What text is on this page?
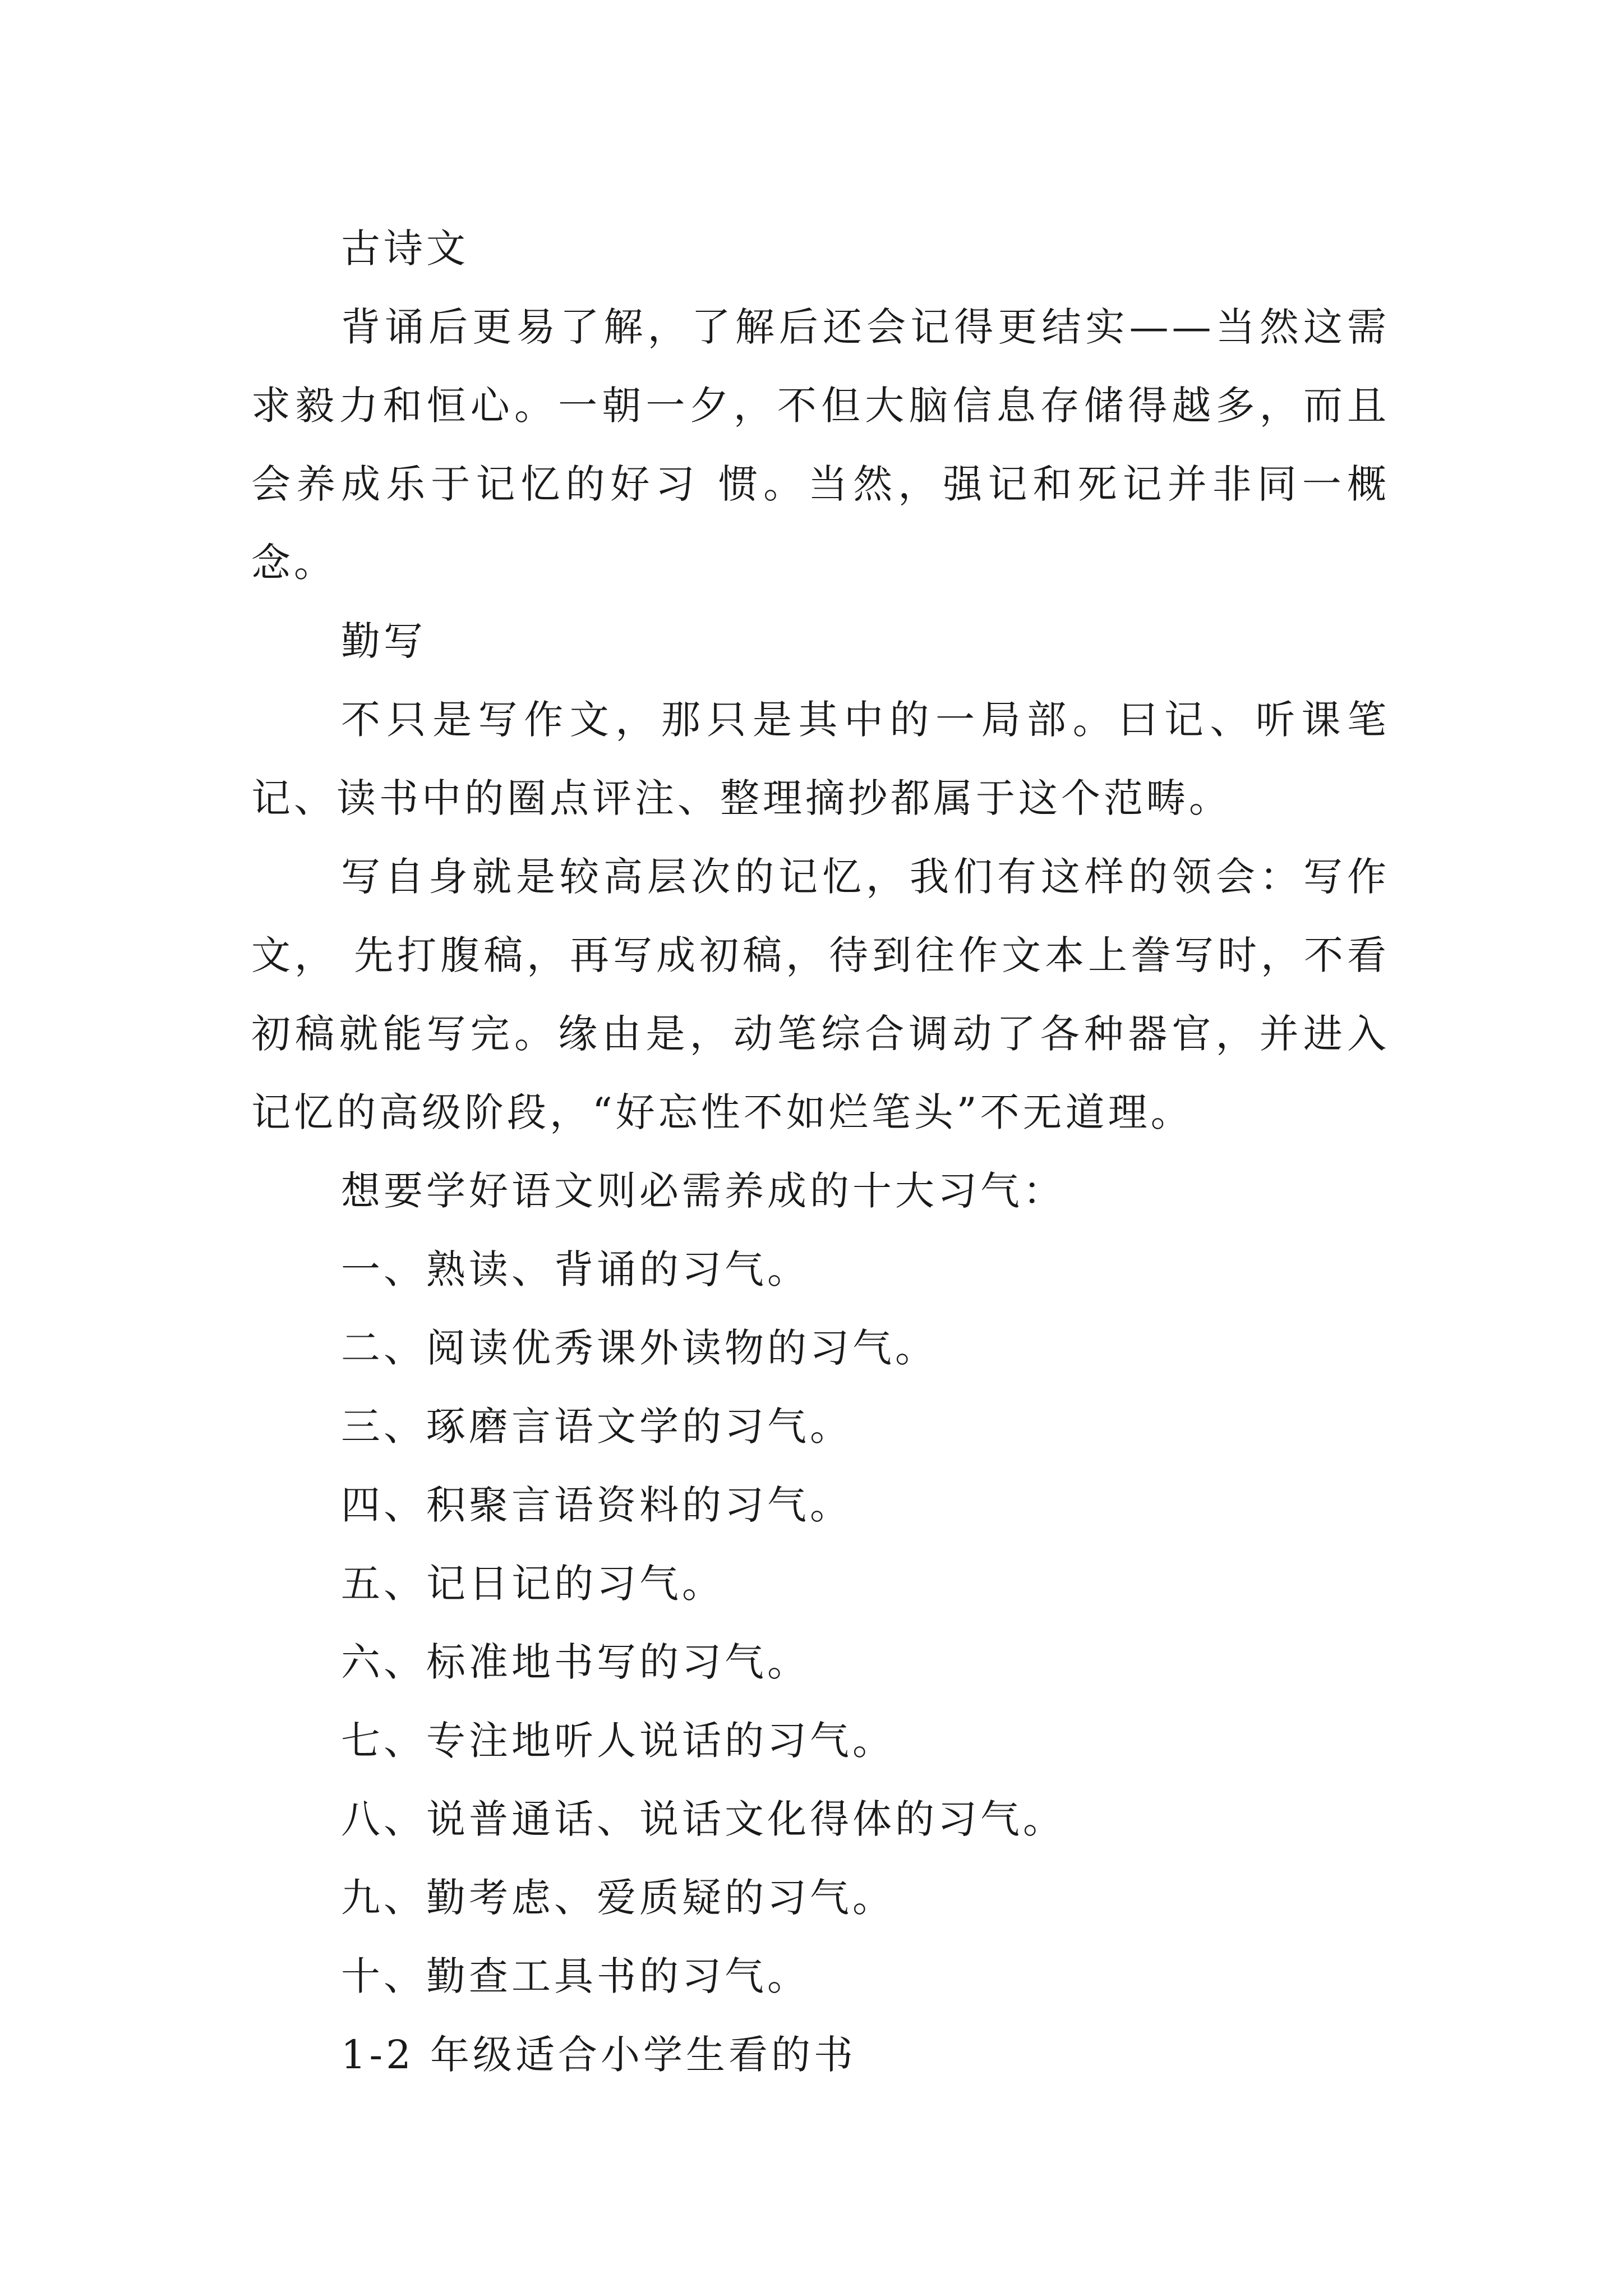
古诗文

背诵后更易了解，了解后还会记得更结实——当然这需求毅力和恒心。一朝一夕，不但大脑信息存储得越多，而且会养成乐于记忆的好习 惯。当然，强记和死记并非同一概念。

勤写

不只是写作文，那只是其中的一局部。曰记、听课笔记、读书中的圈点评注、整理摘抄都属于这个范畴。

写自身就是较高层次的记忆，我们有这样的领会：写作文， 先打腹稿，再写成初稿，待到往作文本上誊写时，不看初稿就能写完。缘由是，动笔综合调动了各种器官，并进入记忆的高级阶段，“好忘性不如烂笔头”不无道理。

想要学好语文则必需养成的十大习气：

一、熟读、背诵的习气。

二、阅读优秀课外读物的习气。

三、琢磨言语文学的习气。

四、积聚言语资料的习气。

五、记日记的习气。

六、标准地书写的习气。

七、专注地听人说话的习气。

八、说普通话、说话文化得体的习气。

九、勤考虑、爱质疑的习气。

十、勤查工具书的习气。

1-2 年级适合小学生看的书
